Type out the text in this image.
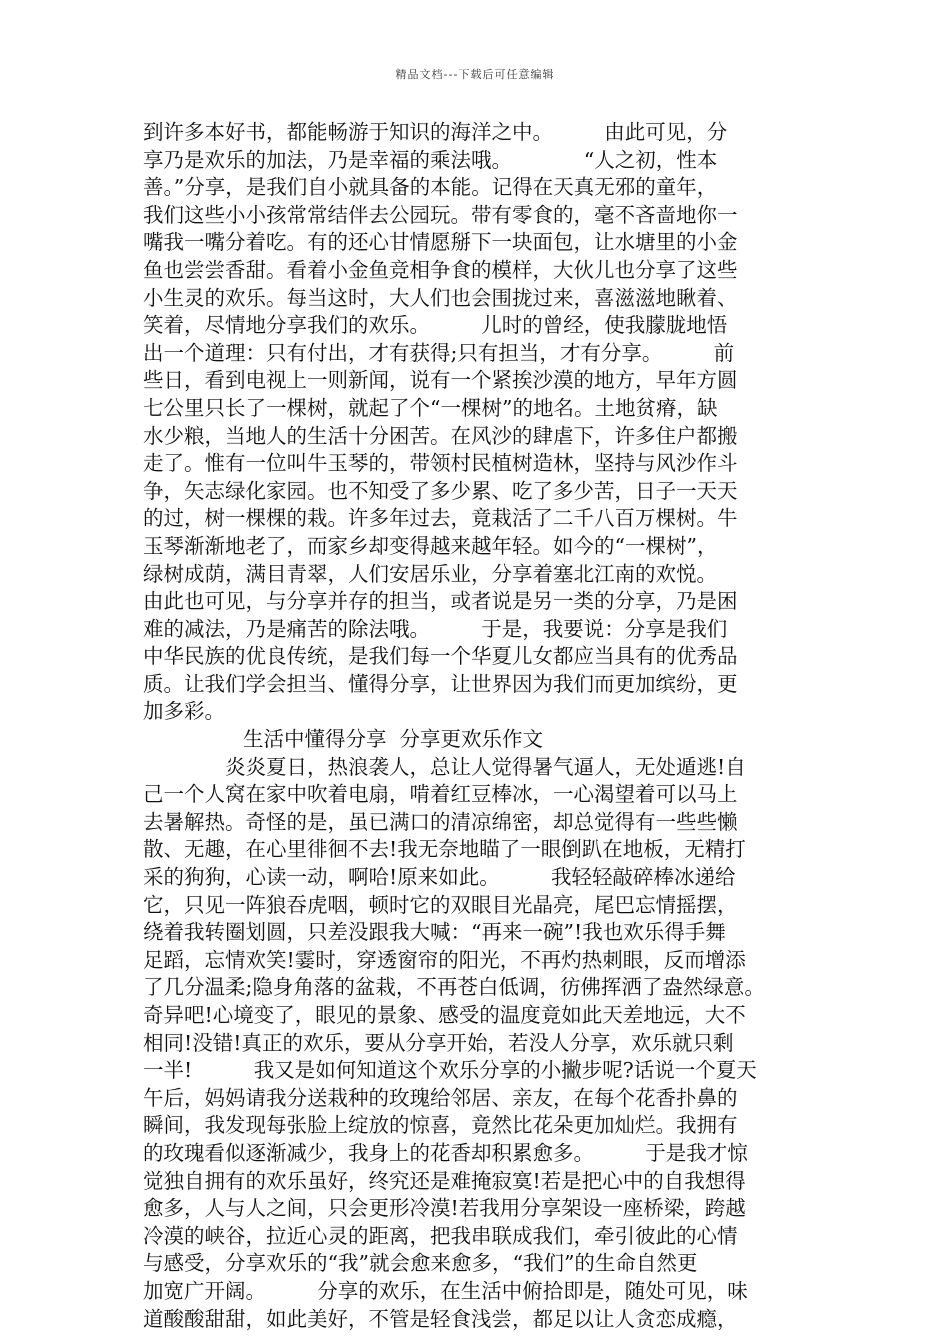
精品文档---下载后可任意编辑
到许多本好书，都能畅游于知识的海洋之中。　　　由此可见，分
享乃是欢乐的加法，乃是幸福的乘法哦。　　　　“人之初，性本
善。”分享，是我们自小就具备的本能。记得在天真无邪的童年，
我们这些小小孩常常结伴去公园玩。带有零食的，毫不吝啬地你一
嘴我一嘴分着吃。有的还心甘情愿掰下一块面包，让水塘里的小金
鱼也尝尝香甜。看着小金鱼竞相争食的模样，大伙儿也分享了这些
小生灵的欢乐。每当这时，大人们也会围拢过来，喜滋滋地瞅着、
笑着，尽情地分享我们的欢乐。　　　儿时的曾经，使我朦胧地悟
出一个道理：只有付出，才有获得;只有担当，才有分享。　　　前
些日，看到电视上一则新闻，说有一个紧挨沙漠的地方，早年方圆
七公里只长了一棵树，就起了个“一棵树”的地名。土地贫瘠，缺
水少粮，当地人的生活十分困苦。在风沙的肆虐下，许多住户都搬
走了。惟有一位叫牛玉琴的，带领村民植树造林，坚持与风沙作斗
争，矢志绿化家园。也不知受了多少累、吃了多少苦，日子一天天
的过，树一棵棵的栽。许多年过去，竟栽活了二千八百万棵树。牛
玉琴渐渐地老了，而家乡却变得越来越年轻。如今的“一棵树”，
绿树成荫，满目青翠，人们安居乐业，分享着塞北江南的欢悦。
由此也可见，与分享并存的担当，或者说是另一类的分享，乃是困
难的减法，乃是痛苦的除法哦。　　　于是，我要说：分享是我们
中华民族的优良传统，是我们每一个华夏儿女都应当具有的优秀品
质。让我们学会担当、懂得分享，让世界因为我们而更加缤纷，更
加多彩。
生活中懂得分享  分享更欢乐作文
　　　　炎炎夏日，热浪袭人，总让人觉得暑气逼人，无处遁逃!自
己一个人窝在家中吹着电扇，啃着红豆棒冰，一心渴望着可以马上
去暑解热。奇怪的是，虽已满口的清凉绵密，却总觉得有一些些懒
散、无趣，在心里徘徊不去!我无奈地瞄了一眼倒趴在地板，无精打
采的狗狗，心读一动，啊哈!原来如此。　　　我轻轻敲碎棒冰递给
它，只见一阵狼吞虎咽，顿时它的双眼目光晶亮，尾巴忘情摇摆，
绕着我转圈划圆，只差没跟我大喊：“再来一碗”!我也欢乐得手舞
足蹈，忘情欢笑!霎时，穿透窗帘的阳光，不再灼热刺眼，反而增添
了几分温柔;隐身角落的盆栽，不再苍白低调，彷佛挥洒了盎然绿意。
奇异吧!心境变了，眼见的景象、感受的温度竟如此天差地远，大不
相同!没错!真正的欢乐，要从分享开始，若没人分享，欢乐就只剩
一半!　　　我又是如何知道这个欢乐分享的小撇步呢?话说一个夏天
午后，妈妈请我分送栽种的玫瑰给邻居、亲友，在每个花香扑鼻的
瞬间，我发现每张脸上绽放的惊喜，竟然比花朵更加灿烂。我拥有
的玫瑰看似逐渐减少，我身上的花香却积累愈多。　　　于是我才惊
觉独自拥有的欢乐虽好，终究还是难掩寂寞!若是把心中的自我想得
愈多，人与人之间，只会更形冷漠!若我用分享架设一座桥梁，跨越
冷漠的峡谷，拉近心灵的距离，把我串联成我们，牵引彼此的心情
与感受，分享欢乐的“我”就会愈来愈多，“我们”的生命自然更
加宽广开阔。　　　分享的欢乐，在生活中俯拾即是，随处可见，味
道酸酸甜甜，如此美好，不管是轻食浅尝，都足以让人贪恋成瘾，
